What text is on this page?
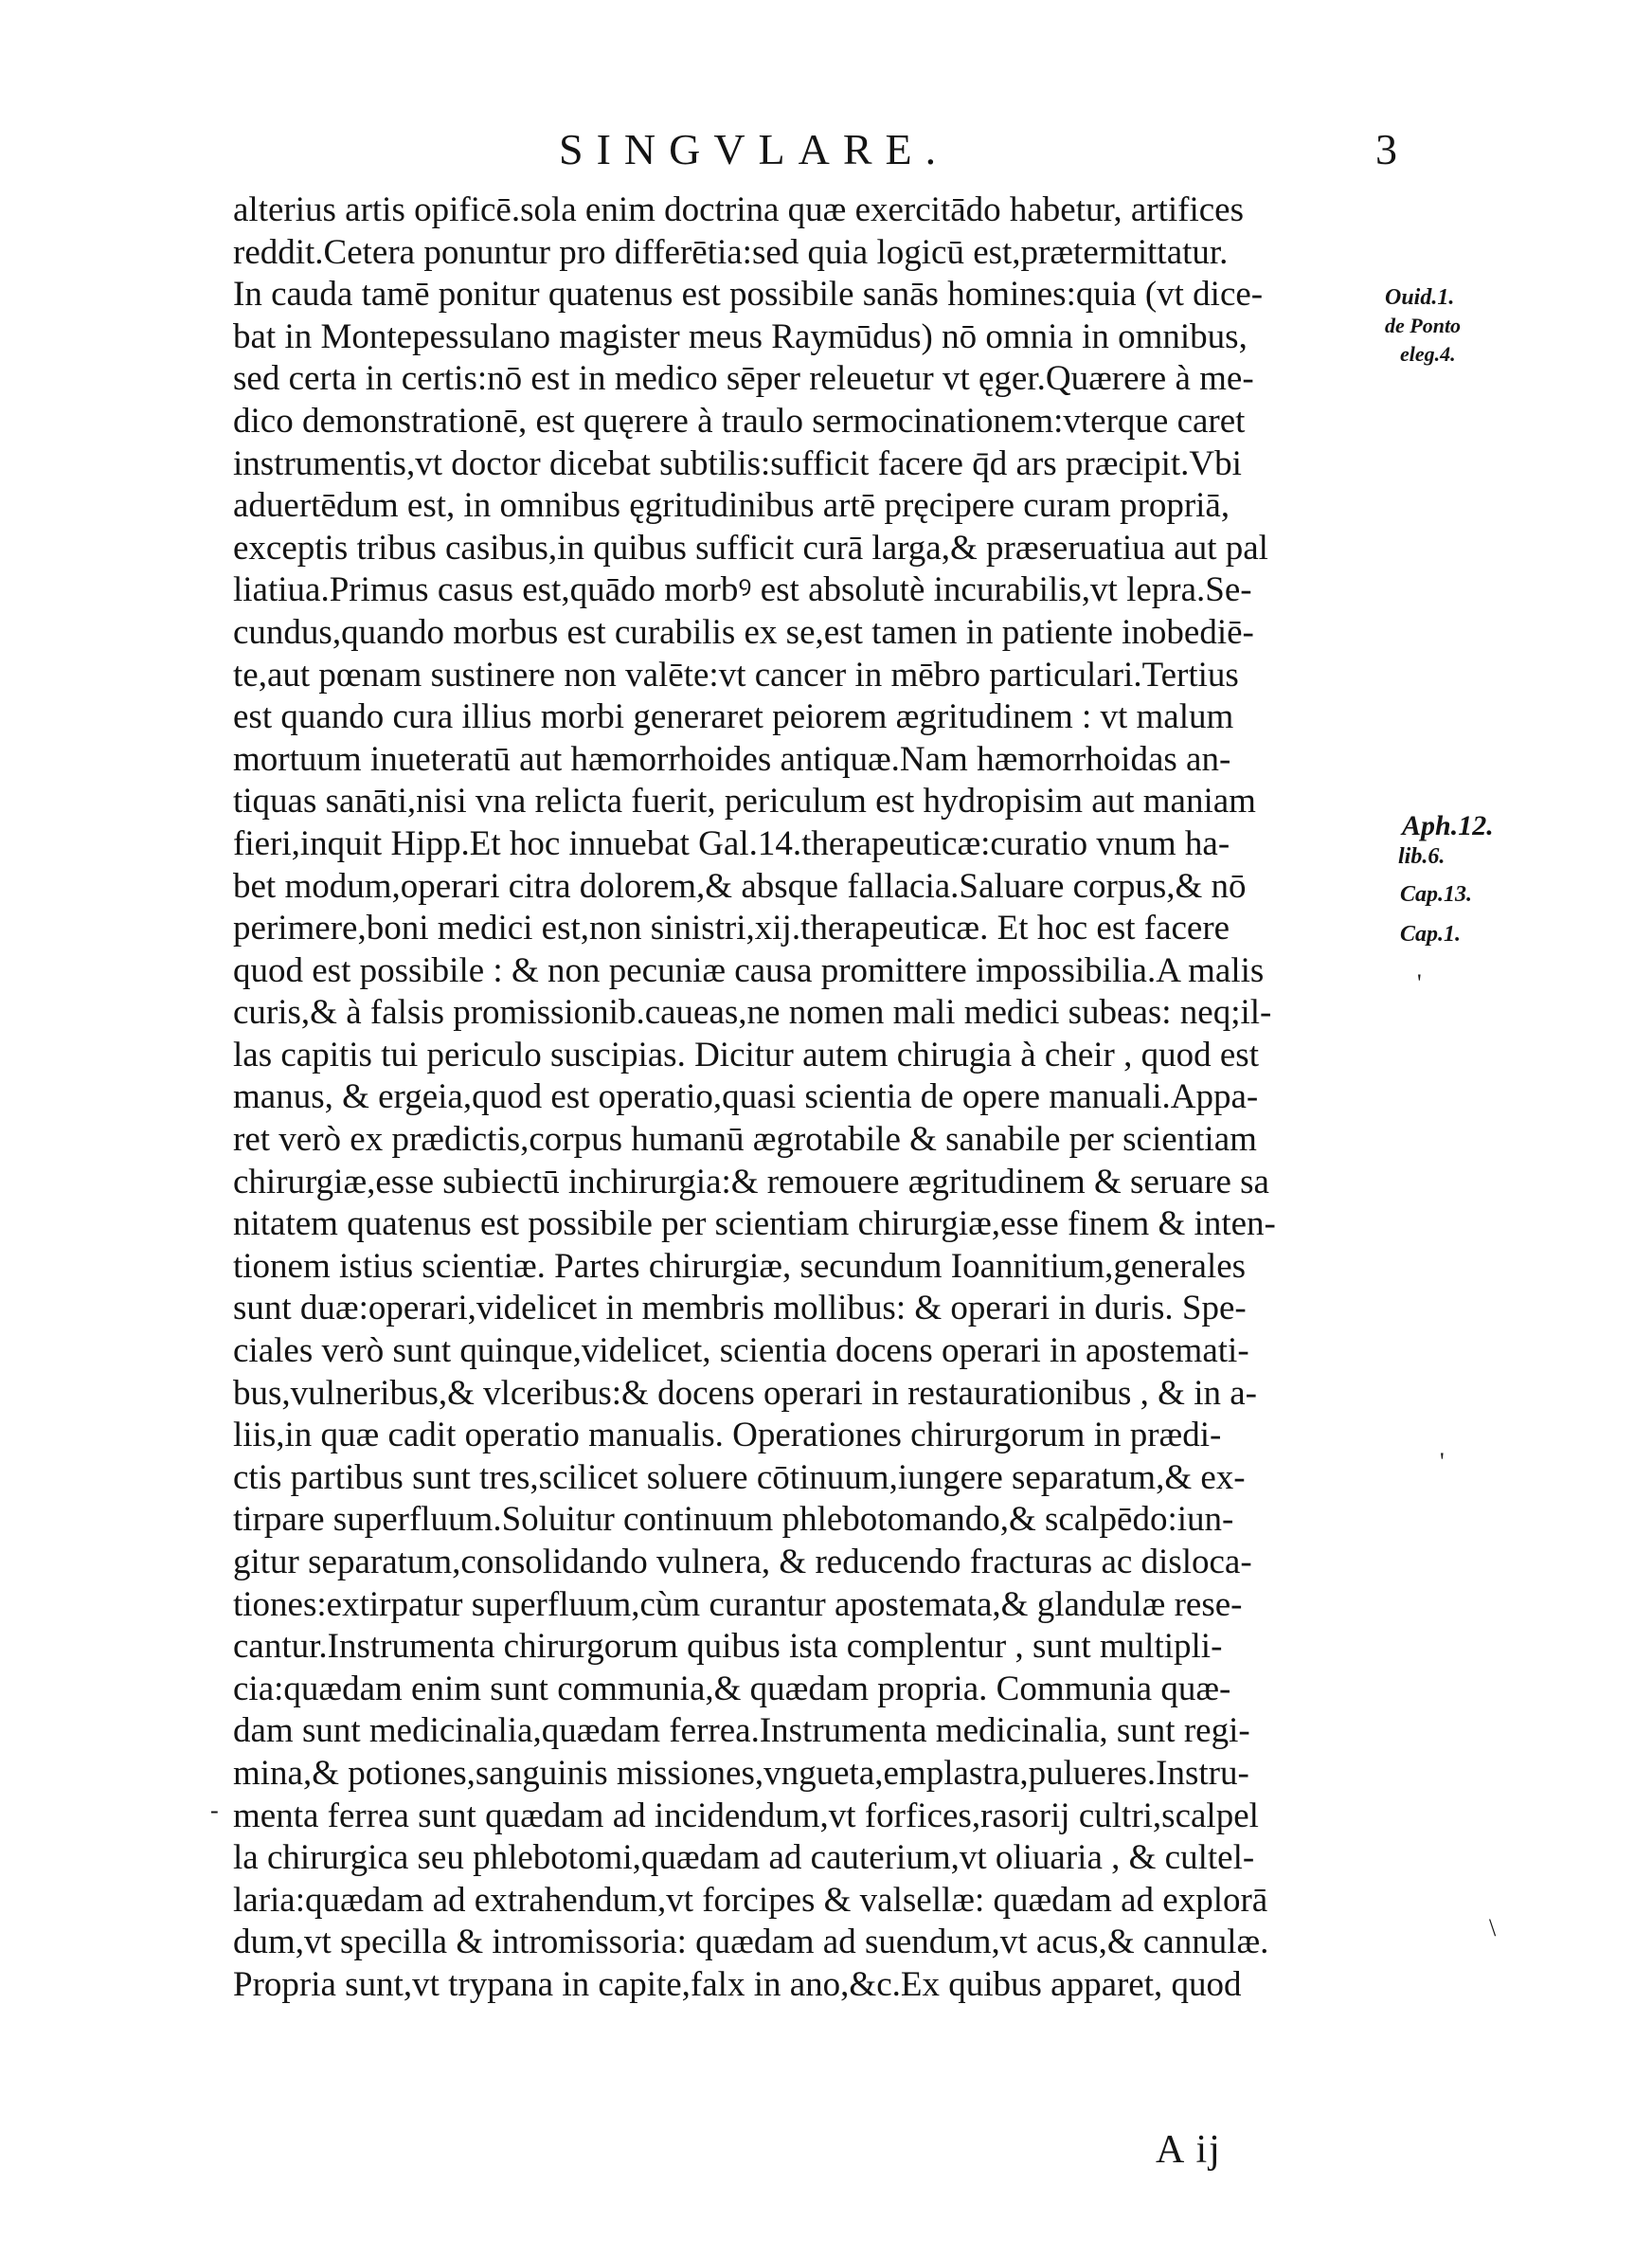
SINGVLARE.	3
alterius artis opificē.sola enim doctrina quæ exercitādo habetur, artifices
reddit.Cetera ponuntur pro differētia:sed quia logicū est,prætermittatur.
In cauda tamē ponitur quatenus est possibile sanās homines:quia (vt dice-
bat in Montepessulano magister meus Raymūdus) nō omnia in omnibus,
sed certa in certis:nō est in medico sēper releuetur vt ęger.Quærere à me-
dico demonstrationē, est quęrere à traulo sermocinationem:vterque caret
instrumentis,vt doctor dicebat subtilis:sufficit facere q̄d ars præcipit.Vbi
aduertēdum est, in omnibus ęgritudinibus artē pręcipere curam propriā,
exceptis tribus casibus,in quibus sufficit curā larga,& præseruatiua aut pal
liatiua.Primus casus est,quādo morbꝰ est absolutè incurabilis,vt lepra.Se-
cundus,quando morbus est curabilis ex se,est tamen in patiente inobediē-
te,aut pœnam sustinere non valēte:vt cancer in mēbro particulari.Tertius
est quando cura illius morbi generaret peiorem ægritudinem : vt malum
mortuum inueteratū aut hæmorrhoides antiquæ.Nam hæmorrhoidas an-
tiquas sanāti,nisi vna relicta fuerit, periculum est hydropisim aut maniam
fieri,inquit Hipp.Et hoc innuebat Gal.14.therapeuticæ:curatio vnum ha-
bet modum,operari citra dolorem,& absque fallacia.Saluare corpus,& nō
perimere,boni medici est,non sinistri,xij.therapeuticæ. Et hoc est facere
quod est possibile : & non pecuniæ causa promittere impossibilia.A malis
curis,& à falsis promissionib.caueas,ne nomen mali medici subeas: neq;il-
las capitis tui periculo suscipias. Dicitur autem chirugia à cheir , quod est
manus, & ergeia,quod est operatio,quasi scientia de opere manuali.Appa-
ret verò ex prædictis,corpus humanū ægrotabile & sanabile per scientiam
chirurgiæ,esse subiectū inchirurgia:& remouere ægritudinem & seruare sa
nitatem quatenus est possibile per scientiam chirurgiæ,esse finem & inten-
tionem istius scientiæ. Partes chirurgiæ, secundum Ioannitium,generales
sunt duæ:operari,videlicet in membris mollibus: & operari in duris. Spe-
ciales verò sunt quinque,videlicet, scientia docens operari in apostemati-
bus,vulneribus,& vlceribus:& docens operari in restaurationibus , & in a-
liis,in quæ cadit operatio manualis. Operationes chirurgorum in prædi-
ctis partibus sunt tres,scilicet soluere cōtinuum,iungere separatum,& ex-
tirpare superfluum.Soluitur continuum phlebotomando,& scalpēdo:iun-
gitur separatum,consolidando vulnera, & reducendo fracturas ac disloca-
tiones:extirpatur superfluum,cùm curantur apostemata,& glandulæ rese-
cantur.Instrumenta chirurgorum quibus ista complentur , sunt multipli-
cia:quædam enim sunt communia,& quædam propria. Communia quæ-
dam sunt medicinalia,quædam ferrea.Instrumenta medicinalia, sunt regi-
mina,& potiones,sanguinis missiones,vngueta,emplastra,pulueres.Instru-
menta ferrea sunt quædam ad incidendum,vt forfices,rasorij cultri,scalpel
la chirurgica seu phlebotomi,quædam ad cauterium,vt oliuaria , & cultel-
laria:quædam ad extrahendum,vt forcipes & valsellæ: quædam ad explorā
dum,vt specilla & intromissoria: quædam ad suendum,vt acus,& cannulæ.
Propria sunt,vt trypana in capite,falx in ano,&c.Ex quibus apparet, quod
Ouid.1.
de Ponto
eleg.4.
Aph.12.
lib.6.
Cap.13.
Cap.1.
'
'
-
\
A ij
